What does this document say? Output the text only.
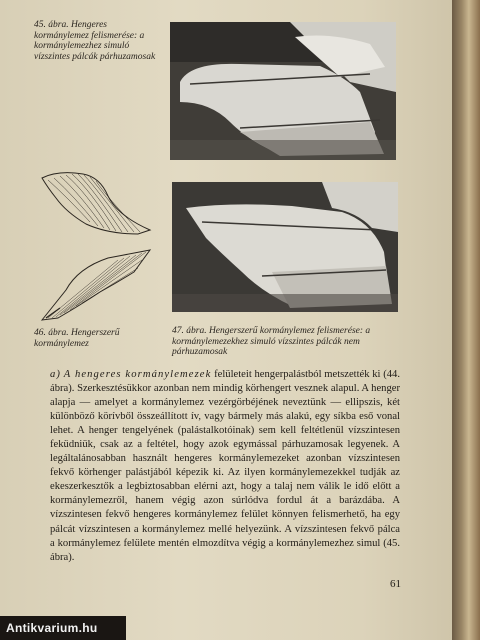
45. ábra. Hengeres kormánylemez felismerése: a kormánylemezhez simuló vízszintes pálcák párhuzamosak
46. ábra. Hengerszerű kormánylemez
47. ábra. Hengerszerű kormánylemez felismerése: a kormánylemezekhez simuló vízszintes pálcák nem párhuzamosak

a) A hengeres kormánylemezek felületeit hengerpalástból metszették ki (44. ábra). Szerkesztésükkor azonban nem mindig körhengert vesznek alapul. A henger alapja — amelyet a kormánylemez vezérgörbéjének neveztünk — ellipszis, két különböző körívből összeállított ív, vagy bármely más alakú, egy síkba eső vonal lehet. A henger tengelyének (palástalkotóinak) sem kell feltétlenül vízszintesen feküdniük, csak az a feltétel, hogy azok egymással párhuzamosak legyenek. A legáltalánosabban használt hengeres kormánylemezeket azonban vízszintesen fekvő körhenger palástjából képezik ki. Az ilyen kormánylemezekkel tudják az ekeszerkesztők a legbiztosabban elérni azt, hogy a talaj nem válik le idő előtt a kormánylemezről, hanem végig azon súrlódva fordul át a barázdába. A vízszintesen fekvő hengeres kormánylemez felület könnyen felismerhető, ha egy pálcát vízszintesen a kormánylemez mellé helyezünk. A vízszintesen fekvő pálca a kormánylemez felülete mentén elmozdítva végig a kormánylemezhez simul (45. ábra).

61
Antikvarium.hu
